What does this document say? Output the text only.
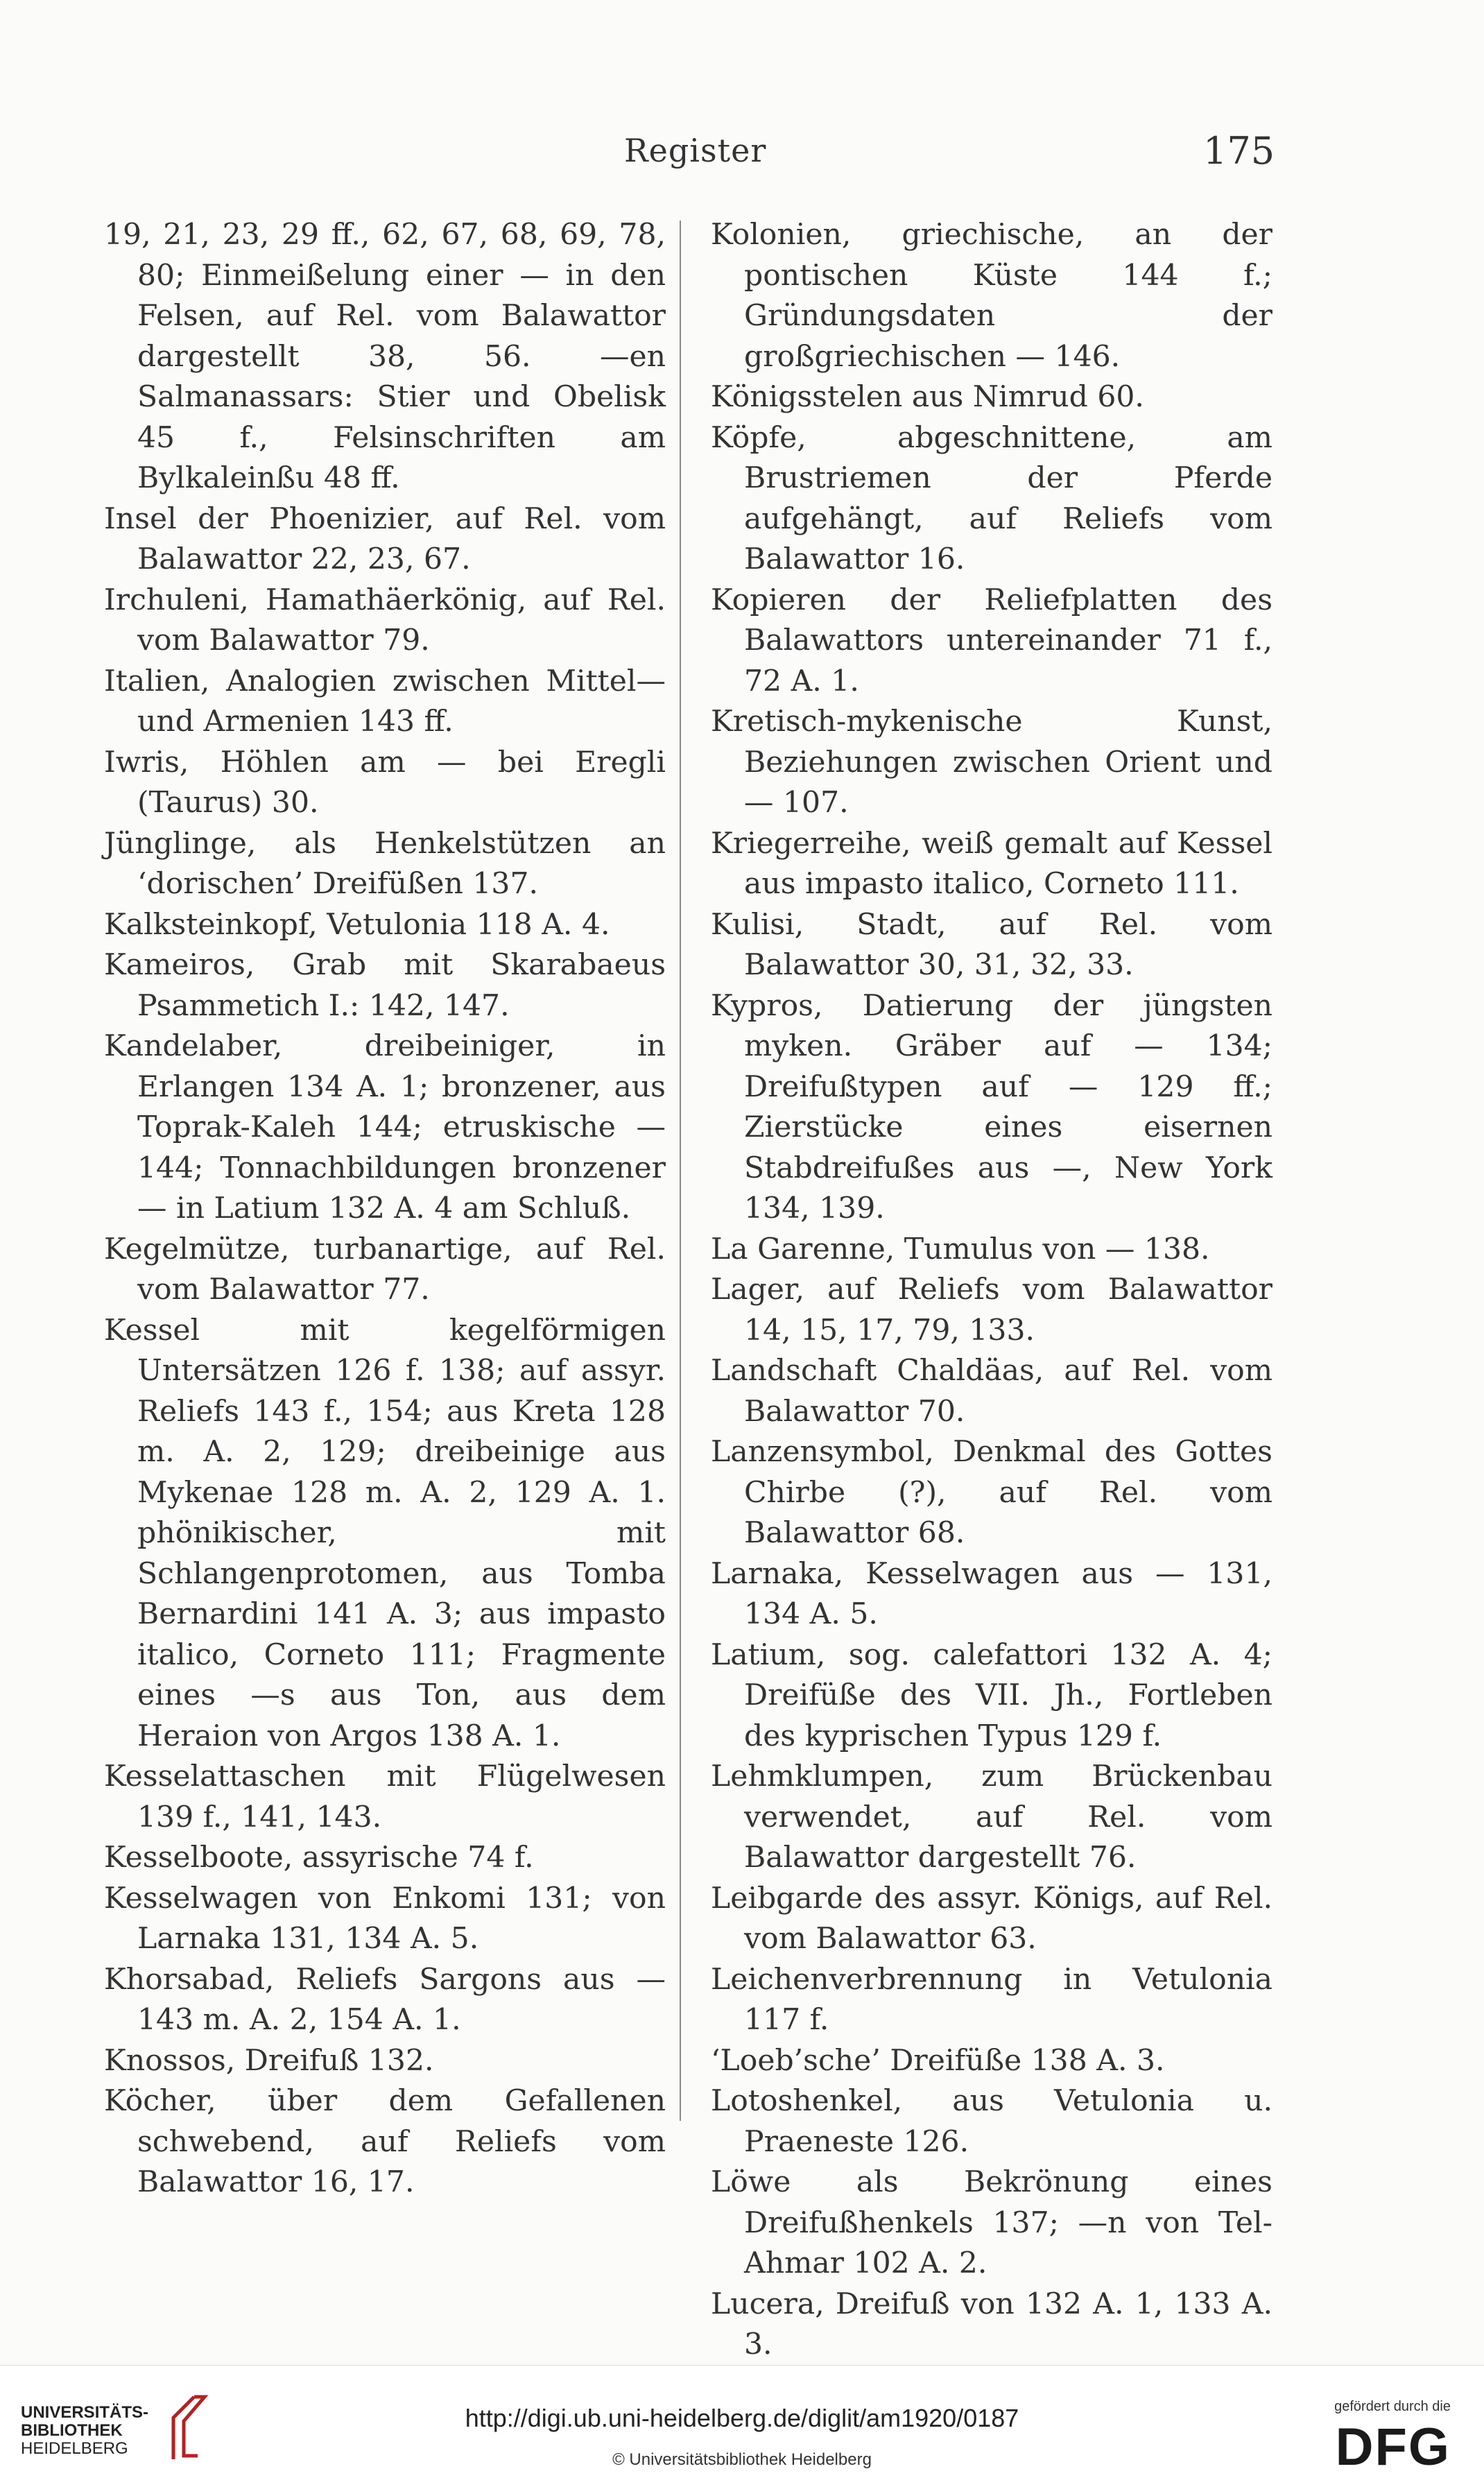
Register	175

19, 21, 23, 29 ff., 62, 67, 68, 69, 78, 80; Einmeißelung einer — in den Felsen, auf Rel. vom Balawattor dargestellt 38, 56. —en Salmanassars: Stier und Obelisk 45 f., Felsinschriften am Bylkaleinßu 48 ff.

Insel der Phoenizier, auf Rel. vom Balawattor 22, 23, 67.

Irchuleni, Hamathäerkönig, auf Rel. vom Balawattor 79.

Italien, Analogien zwischen Mittel— und Armenien 143 ff.

Iwris, Höhlen am — bei Eregli (Taurus) 30.

Jünglinge, als Henkelstützen an ‘dorischen’ Dreifüßen 137.

Kalksteinkopf, Vetulonia 118 A. 4.

Kameiros, Grab mit Skarabaeus Psammetich I.: 142, 147.

Kandelaber, dreibeiniger, in Erlangen 134 A. 1; bronzener, aus Toprak-Kaleh 144; etruskische — 144; Tonnachbildungen bronzener — in Latium 132 A. 4 am Schluß.

Kegelmütze, turbanartige, auf Rel. vom Balawattor 77.

Kessel mit kegelförmigen Untersätzen 126 f. 138; auf assyr. Reliefs 143 f., 154; aus Kreta 128 m. A. 2, 129; dreibeinige aus Mykenae 128 m. A. 2, 129 A. 1. phönikischer, mit Schlangenprotomen, aus Tomba Bernardini 141 A. 3; aus impasto italico, Corneto 111; Fragmente eines —s aus Ton, aus dem Heraion von Argos 138 A. 1.

Kesselattaschen mit Flügelwesen 139 f., 141, 143.

Kesselboote, assyrische 74 f.

Kesselwagen von Enkomi 131; von Larnaka 131, 134 A. 5.

Khorsabad, Reliefs Sargons aus — 143 m. A. 2, 154 A. 1.

Knossos, Dreifuß 132.

Köcher, über dem Gefallenen schwebend, auf Reliefs vom Balawattor 16, 17.

Kolonien, griechische, an der pontischen Küste 144 f.; Gründungsdaten der großgriechischen — 146.

Königsstelen aus Nimrud 60.

Köpfe, abgeschnittene, am Brustriemen der Pferde aufgehängt, auf Reliefs vom Balawattor 16.

Kopieren der Reliefplatten des Balawattors untereinander 71 f., 72 A. 1.

Kretisch-mykenische Kunst, Beziehungen zwischen Orient und — 107.

Kriegerreihe, weiß gemalt auf Kessel aus impasto italico, Corneto 111.

Kulisi, Stadt, auf Rel. vom Balawattor 30, 31, 32, 33.

Kypros, Datierung der jüngsten myken. Gräber auf — 134; Dreifußtypen auf — 129 ff.; Zierstücke eines eisernen Stabdreifußes aus —, New York 134, 139.

La Garenne, Tumulus von — 138.

Lager, auf Reliefs vom Balawattor 14, 15, 17, 79, 133.

Landschaft Chaldäas, auf Rel. vom Balawattor 70.

Lanzensymbol, Denkmal des Gottes Chirbe (?), auf Rel. vom Balawattor 68.

Larnaka, Kesselwagen aus — 131, 134 A. 5.

Latium, sog. calefattori 132 A. 4; Dreifüße des VII. Jh., Fortleben des kyprischen Typus 129 f.

Lehmklumpen, zum Brückenbau verwendet, auf Rel. vom Balawattor dargestellt 76.

Leibgarde des assyr. Königs, auf Rel. vom Balawattor 63.

Leichenverbrennung in Vetulonia 117 f.

‘Loeb’sche’ Dreifüße 138 A. 3.

Lotoshenkel, aus Vetulonia u. Praeneste 126.

Löwe als Bekrönung eines Dreifußhenkels 137; —n von Tel-Ahmar 102 A. 2.

Lucera, Dreifuß von 132 A. 1, 133 A. 3.

UNIVERSITÄTS-
BIBLIOTHEK
HEIDELBERG
http://digi.ub.uni-heidelberg.de/diglit/am1920/0187
© Universitätsbibliothek Heidelberg
gefördert durch die
DFG
